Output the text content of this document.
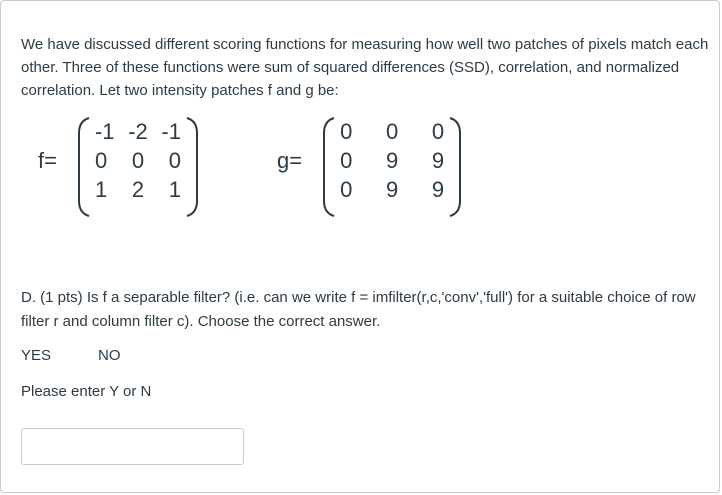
We have discussed different scoring functions for measuring how well two patches of pixels match each other. Three of these functions were sum of squared differences (SSD), correlation, and normalized correlation. Let two intensity patches f and g be:
f=
-1 -2 -1
0 0 0
1 2 1
g=
0 0 0
0 9 9
0 9 9
D. (1 pts) Is f a separable filter? (i.e. can we write f = imfilter(r,c,'conv','full') for a suitable choice of row filter r and column filter c). Choose the correct answer.
YES	NO
Please enter Y or N
